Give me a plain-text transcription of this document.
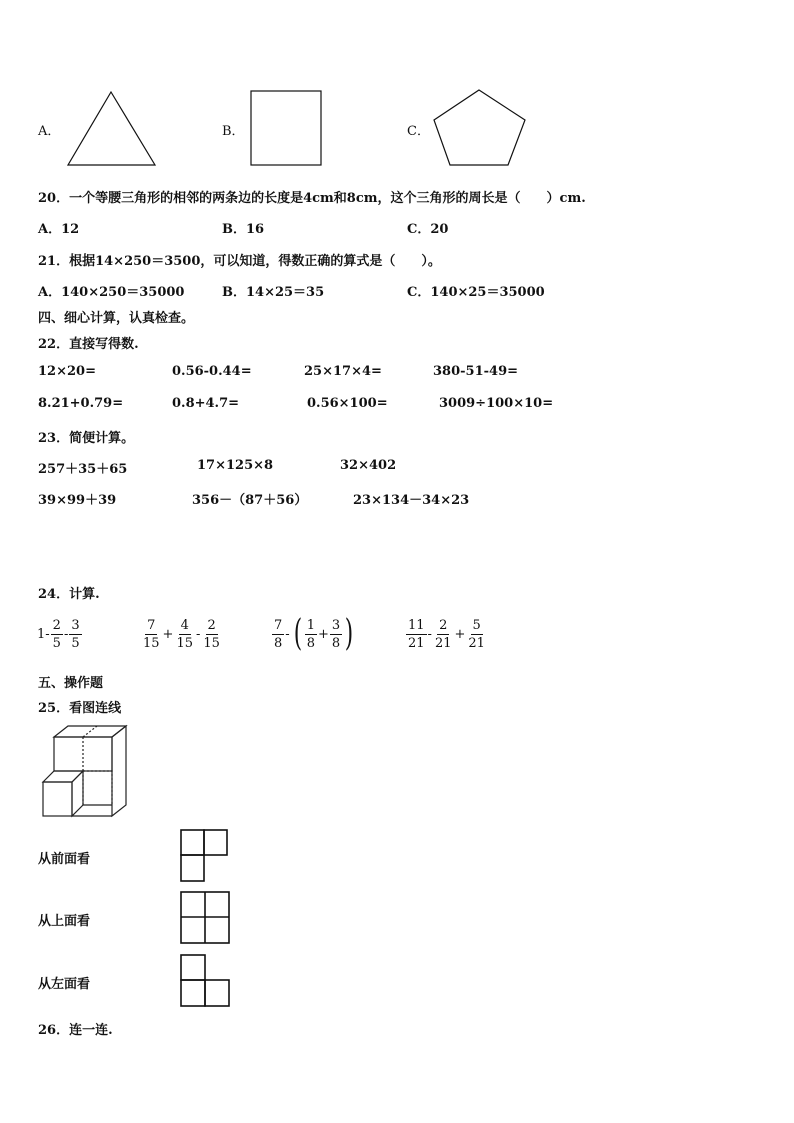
A．	B．	C．
20．一个等腰三角形的相邻的两条边的长度是4cm和8cm，这个三角形的周长是（　　）cm.
A．12	B．16	C．20
21．根据14×250＝3500，可以知道，得数正确的算式是（　　）。
A．140×250＝35000	B．14×25＝35	C．140×25＝35000
四、细心计算，认真检查。
22．直接写得数.
12×20=	0.56-0.44=	25×17×4=	380-51-49=
8.21+0.79=	0.8+4.7=	0.56×100=	3009÷100×10=
23．简便计算。
257＋35＋65	17×125×8	32×402
39×99＋39	356－（87＋56）	23×134－34×23
24．计算.
$1- \frac{2}{5} - \frac{3}{5}$	$\frac{7}{15} + \frac{4}{15} - \frac{2}{15}$	$\frac{7}{8}$ - ( $\frac{1}{8} + \frac{3}{8}$ )	$\frac{11}{21} - \frac{2}{21} + \frac{5}{21}$
五、操作题
25．看图连线
从前面看
从上面看
从左面看
26．连一连.
